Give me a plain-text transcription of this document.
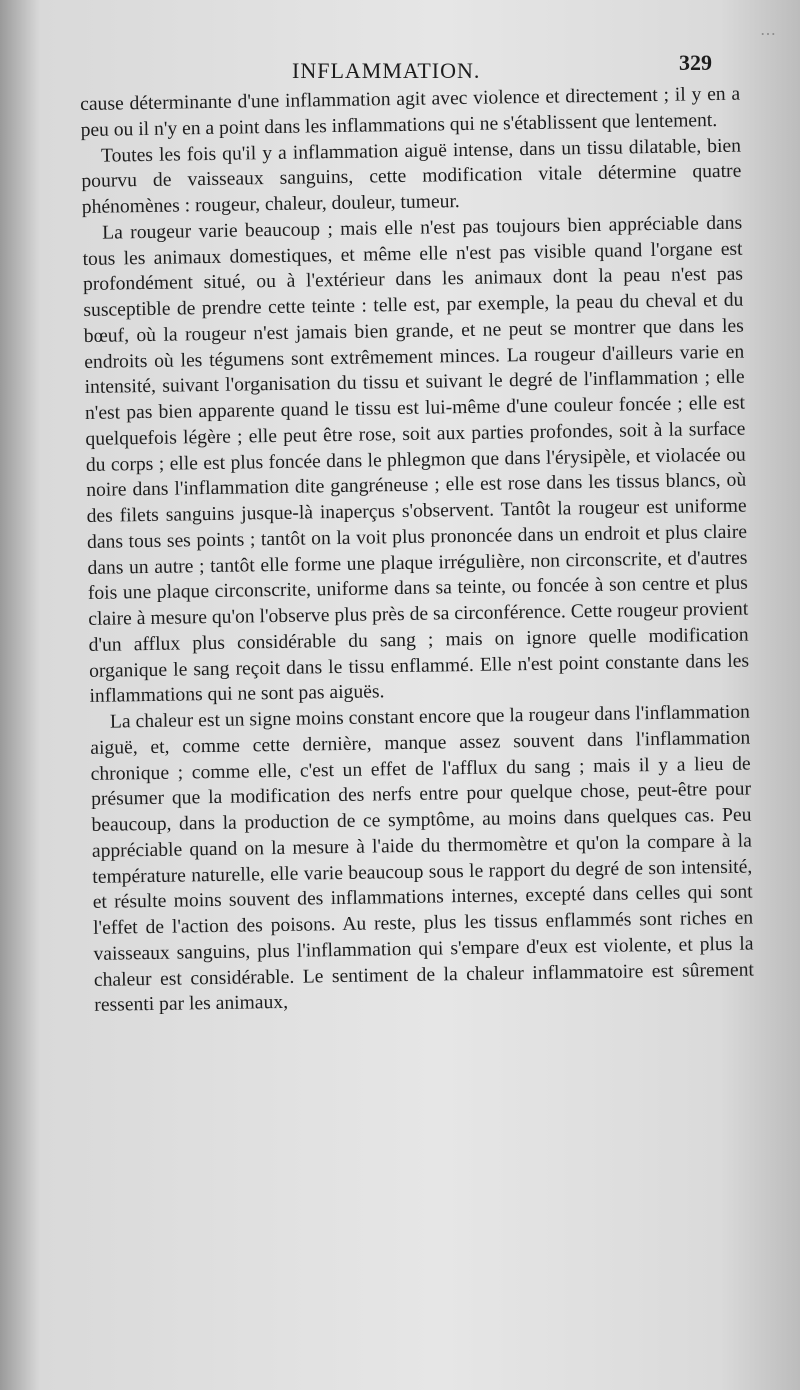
…
INFLAMMATION.	329

cause déterminante d'une inflammation agit avec violence et directement ; il y en a peu ou il n'y en a point dans les inflammations qui ne s'établissent que lentement.

Toutes les fois qu'il y a inflammation aiguë intense, dans un tissu dilatable, bien pourvu de vaisseaux sanguins, cette modification vitale détermine quatre phénomènes : rougeur, chaleur, douleur, tumeur.

La rougeur varie beaucoup ; mais elle n'est pas toujours bien appréciable dans tous les animaux domestiques, et même elle n'est pas visible quand l'organe est profondément situé, ou à l'extérieur dans les animaux dont la peau n'est pas susceptible de prendre cette teinte : telle est, par exemple, la peau du cheval et du bœuf, où la rougeur n'est jamais bien grande, et ne peut se montrer que dans les endroits où les tégumens sont extrêmement minces. La rougeur d'ailleurs varie en intensité, suivant l'organisation du tissu et suivant le degré de l'inflammation ; elle n'est pas bien apparente quand le tissu est lui-même d'une couleur foncée ; elle est quelquefois légère ; elle peut être rose, soit aux parties profondes, soit à la surface du corps ; elle est plus foncée dans le phlegmon que dans l'érysipèle, et violacée ou noire dans l'inflammation dite gangréneuse ; elle est rose dans les tissus blancs, où des filets sanguins jusque-là inaperçus s'observent. Tantôt la rougeur est uniforme dans tous ses points ; tantôt on la voit plus prononcée dans un endroit et plus claire dans un autre ; tantôt elle forme une plaque irrégulière, non circonscrite, et d'autres fois une plaque circonscrite, uniforme dans sa teinte, ou foncée à son centre et plus claire à mesure qu'on l'observe plus près de sa circonférence. Cette rougeur provient d'un afflux plus considérable du sang ; mais on ignore quelle modification organique le sang reçoit dans le tissu enflammé. Elle n'est point constante dans les inflammations qui ne sont pas aiguës.

La chaleur est un signe moins constant encore que la rougeur dans l'inflammation aiguë, et, comme cette dernière, manque assez souvent dans l'inflammation chronique ; comme elle, c'est un effet de l'afflux du sang ; mais il y a lieu de présumer que la modification des nerfs entre pour quelque chose, peut-être pour beaucoup, dans la production de ce symptôme, au moins dans quelques cas. Peu appréciable quand on la mesure à l'aide du thermomètre et qu'on la compare à la température naturelle, elle varie beaucoup sous le rapport du degré de son intensité, et résulte moins souvent des inflammations internes, excepté dans celles qui sont l'effet de l'action des poisons. Au reste, plus les tissus enflammés sont riches en vaisseaux sanguins, plus l'inflammation qui s'empare d'eux est violente, et plus la chaleur est considérable. Le sentiment de la chaleur inflammatoire est sûrement ressenti par les animaux,
